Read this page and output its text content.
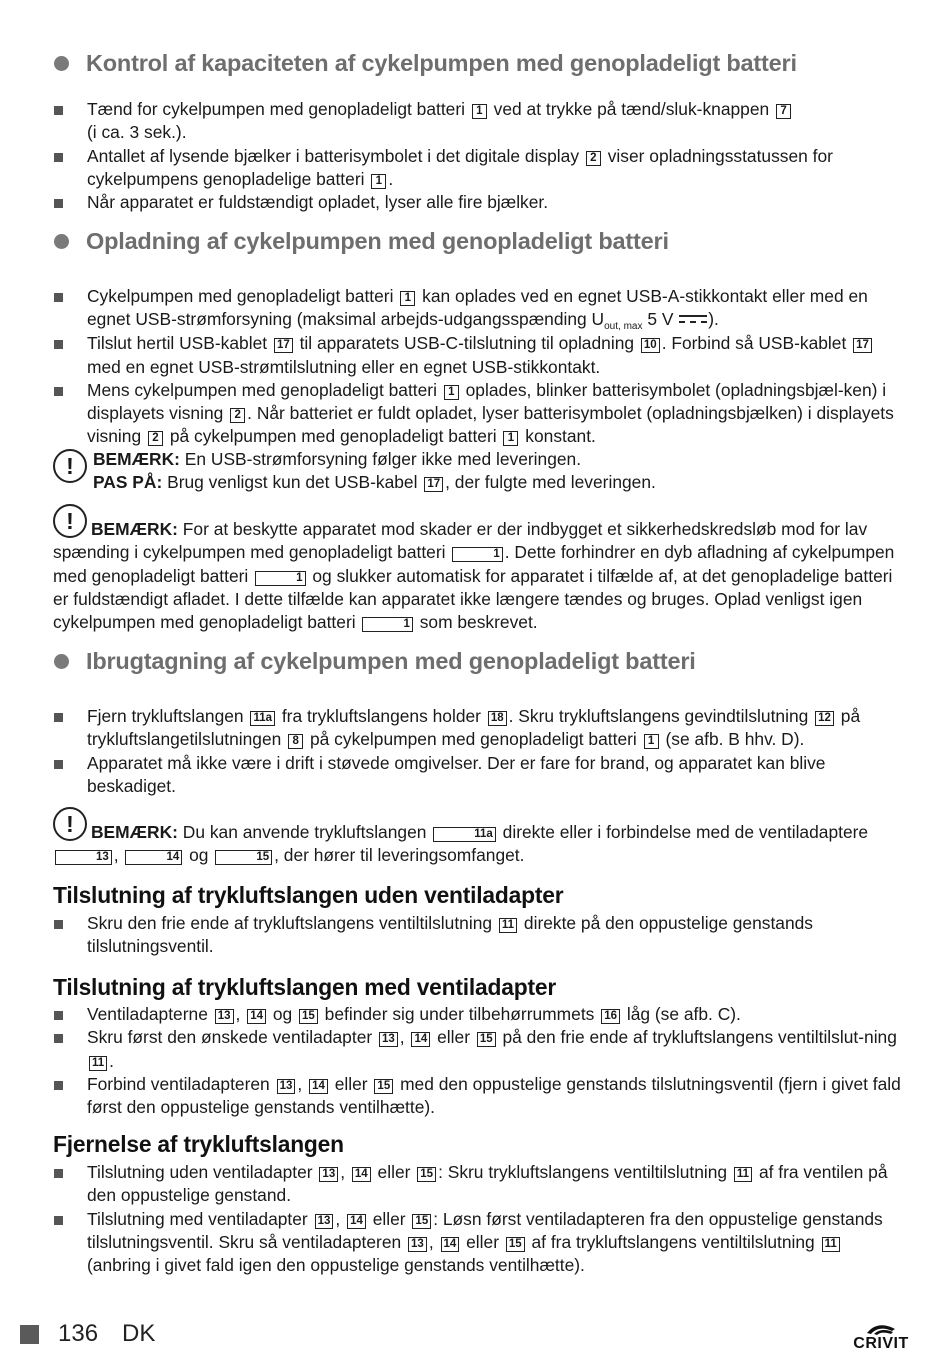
Kontrol af kapaciteten af cykelpumpen med genopladeligt batteri
Tænd for cykelpumpen med genopladeligt batteri 1 ved at trykke på tænd/sluk-knappen 7
(i ca. 3 sek.).
Antallet af lysende bjælker i batterisymbolet i det digitale display 2 viser opladningsstatussen for cykelpumpens genopladelige batteri 1 .
Når apparatet er fuldstændigt opladet, lyser alle fire bjælker.
Opladning af cykelpumpen med genopladeligt batteri
Cykelpumpen med genopladeligt batteri 1 kan oplades ved en egnet USB-A-stikkontakt eller med en egnet USB-strømforsyning (maksimal arbejds-udgangsspænding $U_{out, max}$ 5 V ).
Tilslut hertil USB-kablet 17 til apparatets USB-C-tilslutning til opladning 10 . Forbind så USB-kablet 17 med en egnet USB-strømtilslutning eller en egnet USB-stikkontakt.
Mens cykelpumpen med genopladeligt batteri 1 oplades, blinker batterisymbolet (opladningsbjæl-ken) i displayets visning 2 . Når batteriet er fuldt opladet, lyser batterisymbolet (opladningsbjælken) i displayets visning 2 på cykelpumpen med genopladeligt batteri 1 konstant.
!	BEMÆRK: En USB-strømforsyning følger ikke med leveringen.
PAS PÅ: Brug venligst kun det USB-kabel 17 , der fulgte med leveringen.
! BEMÆRK: For at beskytte apparatet mod skader er der indbygget et sikkerhedskredsløb mod for lav spænding i cykelpumpen med genopladeligt batteri	1 . Dette forhindrer en dyb afladning af cykelpumpen med genopladeligt batteri	1 og slukker automatisk for apparatet i tilfælde af, at det genopladelige batteri er fuldstændigt afladet. I dette tilfælde kan apparatet ikke længere tændes og bruges. Oplad venligst igen cykelpumpen med genopladeligt batteri	1 som beskrevet.
Ibrugtagning af cykelpumpen med genopladeligt batteri
Fjern trykluftslangen 11a fra trykluftslangens holder 18 . Skru trykluftslangens gevindtilslutning 12 på trykluftslangetilslutningen 8 på cykelpumpen med genopladeligt batteri 1 (se afb. B hhv. D).
Apparatet må ikke være i drift i støvede omgivelser. Der er fare for brand, og apparatet kan blive beskadiget.
! BEMÆRK: Du kan anvende trykluftslangen	11a direkte eller i forbindelse med de ventiladaptere 13 ,	14 og	15 , der hører til leveringsomfanget.
Tilslutning af trykluftslangen uden ventiladapter
Skru den frie ende af trykluftslangens ventiltilslutning 11 direkte på den oppustelige genstands tilslutningsventil.
Tilslutning af trykluftslangen med ventiladapter
Ventiladapterne 13 , 14 og 15 befinder sig under tilbehørrummets 16 låg (se afb. C).
Skru først den ønskede ventiladapter 13 , 14 eller 15 på den frie ende af trykluftslangens ventiltilslut-ning 11 .
Forbind ventiladapteren 13 , 14 eller 15 med den oppustelige genstands tilslutningsventil (fjern i givet fald først den oppustelige genstands ventilhætte).
Fjernelse af trykluftslangen
Tilslutning uden ventiladapter 13 , 14 eller 15 : Skru trykluftslangens ventiltilslutning 11 af fra ventilen på den oppustelige genstand.
Tilslutning med ventiladapter 13 , 14 eller 15 : Løsn først ventiladapteren fra den oppustelige genstands tilslutningsventil. Skru så ventiladapteren 13 , 14 eller 15 af fra trykluftslangens ventiltilslutning 11 (anbring i givet fald igen den oppustelige genstands ventilhætte).
136 DK	CRIVIT
